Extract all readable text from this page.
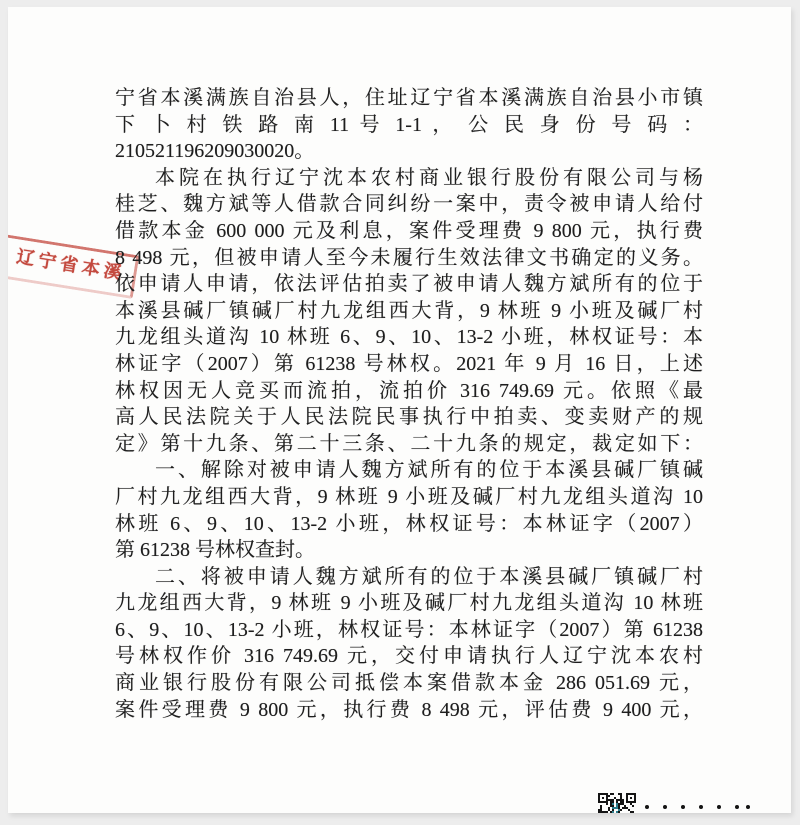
辽宁省本溪
宁省本溪满族自治县人，住址辽宁省本溪满族自治县小市镇
下 卜 村 铁 路 南 11 号 1-1 ， 公 民 身 份 号 码 ：
210521196209030020。
本院在执行辽宁沈本农村商业银行股份有限公司与杨
桂芝、魏方斌等人借款合同纠纷一案中，责令被申请人给付
借款本金 600 000 元及利息，案件受理费 9 800 元，执行费
8 498 元，但被申请人至今未履行生效法律文书确定的义务。
依申请人申请，依法评估拍卖了被申请人魏方斌所有的位于
本溪县碱厂镇碱厂村九龙组西大背，9 林班 9 小班及碱厂村
九龙组头道沟 10 林班 6、9、10、13-2 小班，林权证号：本
林证字（2007）第 61238 号林权。2021 年 9 月 16 日，上述
林权因无人竞买而流拍，流拍价 316 749.69 元。依照《最
高人民法院关于人民法院民事执行中拍卖、变卖财产的规
定》第十九条、第二十三条、二十九条的规定，裁定如下：
一、解除对被申请人魏方斌所有的位于本溪县碱厂镇碱
厂村九龙组西大背，9 林班 9 小班及碱厂村九龙组头道沟 10
林班 6、9、10、13-2 小班，林权证号：本林证字（2007）
第 61238 号林权查封。
二、将被申请人魏方斌所有的位于本溪县碱厂镇碱厂村
九龙组西大背，9 林班 9 小班及碱厂村九龙组头道沟 10 林班
6、9、10、13-2 小班，林权证号：本林证字（2007）第 61238
号林权作价 316 749.69 元，交付申请执行人辽宁沈本农村
商业银行股份有限公司抵偿本案借款本金 286 051.69 元，
案件受理费 9 800 元，执行费 8 498 元，评估费 9 400 元，
